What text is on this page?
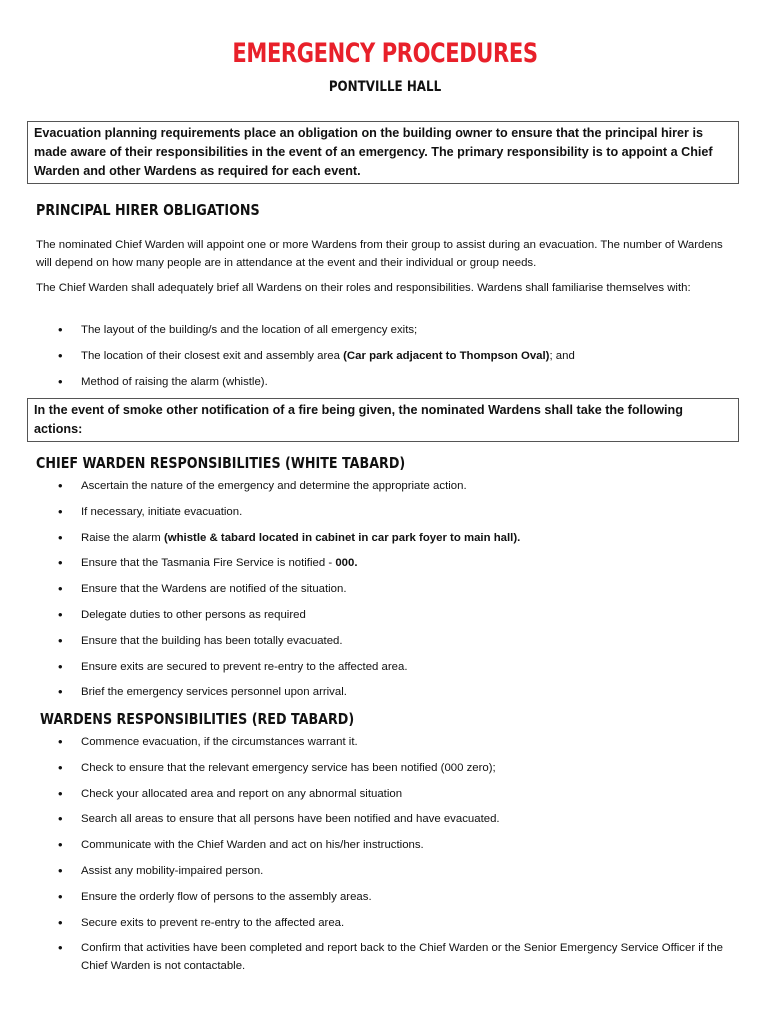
EMERGENCY PROCEDURES
PONTVILLE HALL
Evacuation planning requirements place an obligation on the building owner to ensure that the principal hirer is made aware of their responsibilities in the event of an emergency. The primary responsibility is to appoint a Chief Warden and other Wardens as required for each event.
PRINCIPAL HIRER OBLIGATIONS
The nominated Chief Warden will appoint one or more Wardens from their group to assist during an evacuation. The number of Wardens will depend on how many people are in attendance at the event and their individual or group needs.
The Chief Warden shall adequately brief all Wardens on their roles and responsibilities. Wardens shall familiarise themselves with:
• The layout of the building/s and the location of all emergency exits;
• The location of their closest exit and assembly area (Car park adjacent to Thompson Oval); and
• Method of raising the alarm (whistle).
In the event of smoke other notification of a fire being given, the nominated Wardens shall take the following actions:
CHIEF WARDEN RESPONSIBILITIES (WHITE TABARD)
• Ascertain the nature of the emergency and determine the appropriate action.
• If necessary, initiate evacuation.
• Raise the alarm (whistle & tabard located in cabinet in car park foyer to main hall).
• Ensure that the Tasmania Fire Service is notified - 000.
• Ensure that the Wardens are notified of the situation.
• Delegate duties to other persons as required
• Ensure that the building has been totally evacuated.
• Ensure exits are secured to prevent re-entry to the affected area.
• Brief the emergency services personnel upon arrival.
WARDENS RESPONSIBILITIES (RED TABARD)
• Commence evacuation, if the circumstances warrant it.
• Check to ensure that the relevant emergency service has been notified (000 zero);
• Check your allocated area and report on any abnormal situation
• Search all areas to ensure that all persons have been notified and have evacuated.
• Communicate with the Chief Warden and act on his/her instructions.
• Assist any mobility-impaired person.
• Ensure the orderly flow of persons to the assembly areas.
• Secure exits to prevent re-entry to the affected area.
• Confirm that activities have been completed and report back to the Chief Warden or the Senior Emergency Service Officer if the Chief Warden is not contactable.
